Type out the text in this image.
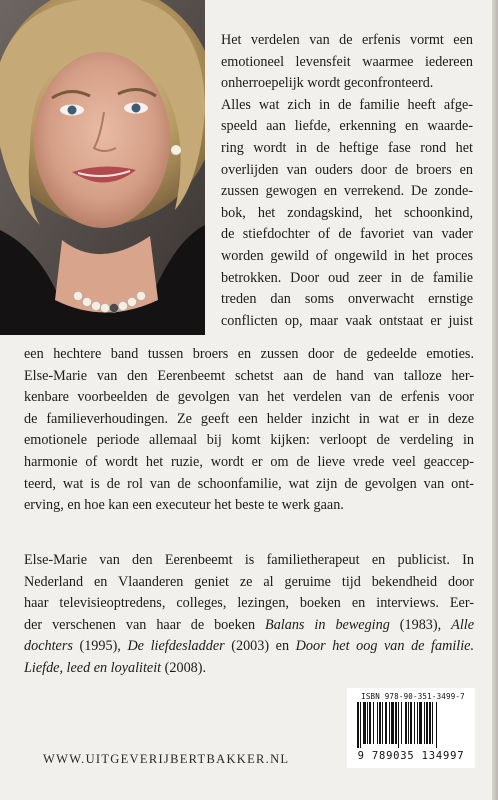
Het verdelen van de erfenis vormt een
emotioneel levensfeit waarmee iedereen
onherroepelijk wordt geconfronteerd.
Alles wat zich in de familie heeft afge-
speeld aan liefde, erkenning en waarde-
ring wordt in de heftige fase rond het
overlijden van ouders door de broers en
zussen gewogen en verrekend. De zonde-
bok, het zondagskind, het schoonkind,
de stiefdochter of de favoriet van vader
worden gewild of ongewild in het proces
betrokken. Door oud zeer in de familie
treden dan soms onverwacht ernstige
conflicten op, maar vaak ontstaat er juist
een hechtere band tussen broers en zussen door de gedeelde emoties.
Else-Marie van den Eerenbeemt schetst aan de hand van talloze her-
kenbare voorbeelden de gevolgen van het verdelen van de erfenis voor
de familieverhoudingen. Ze geeft een helder inzicht in wat er in deze
emotionele periode allemaal bij komt kijken: verloopt de verdeling in
harmonie of wordt het ruzie, wordt er om de lieve vrede veel geaccep-
teerd, wat is de rol van de schoonfamilie, wat zijn de gevolgen van ont-
erving, en hoe kan een executeur het beste te werk gaan.
Else-Marie van den Eerenbeemt is familietherapeut en publicist. In
Nederland en Vlaanderen geniet ze al geruime tijd bekendheid door
haar televisieoptredens, colleges, lezingen, boeken en interviews. Eer-
der verschenen van haar de boeken Balans in beweging (1983), Alle
dochters (1995), De liefdesladder (2003) en Door het oog van de familie.
Liefde, leed en loyaliteit (2008).
WWW.UITGEVERIJBERTBAKKER.NL
ISBN 978-90-351-3499-7
9 789035 134997
